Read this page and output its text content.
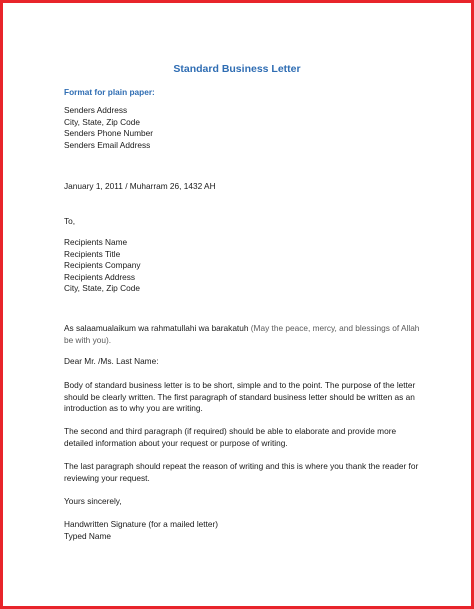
Standard Business Letter
Format for plain paper:
Senders Address
City, State, Zip Code
Senders Phone Number
Senders Email Address
January 1, 2011 / Muharram 26, 1432 AH
To,
Recipients Name
Recipients Title
Recipients Company
Recipients Address
City, State, Zip Code
As salaamualaikum wa rahmatullahi wa barakatuh (May the peace, mercy, and blessings of Allah be with you).
Dear Mr. /Ms. Last Name:
Body of standard business letter is to be short, simple and to the point. The purpose of the letter should be clearly written. The first paragraph of standard business letter should be written as an introduction as to why you are writing.
The second and third paragraph (if required) should be able to elaborate and provide more detailed information about your request or purpose of writing.
The last paragraph should repeat the reason of writing and this is where you thank the reader for reviewing your request.
Yours sincerely,
Handwritten Signature (for a mailed letter)
Typed Name
